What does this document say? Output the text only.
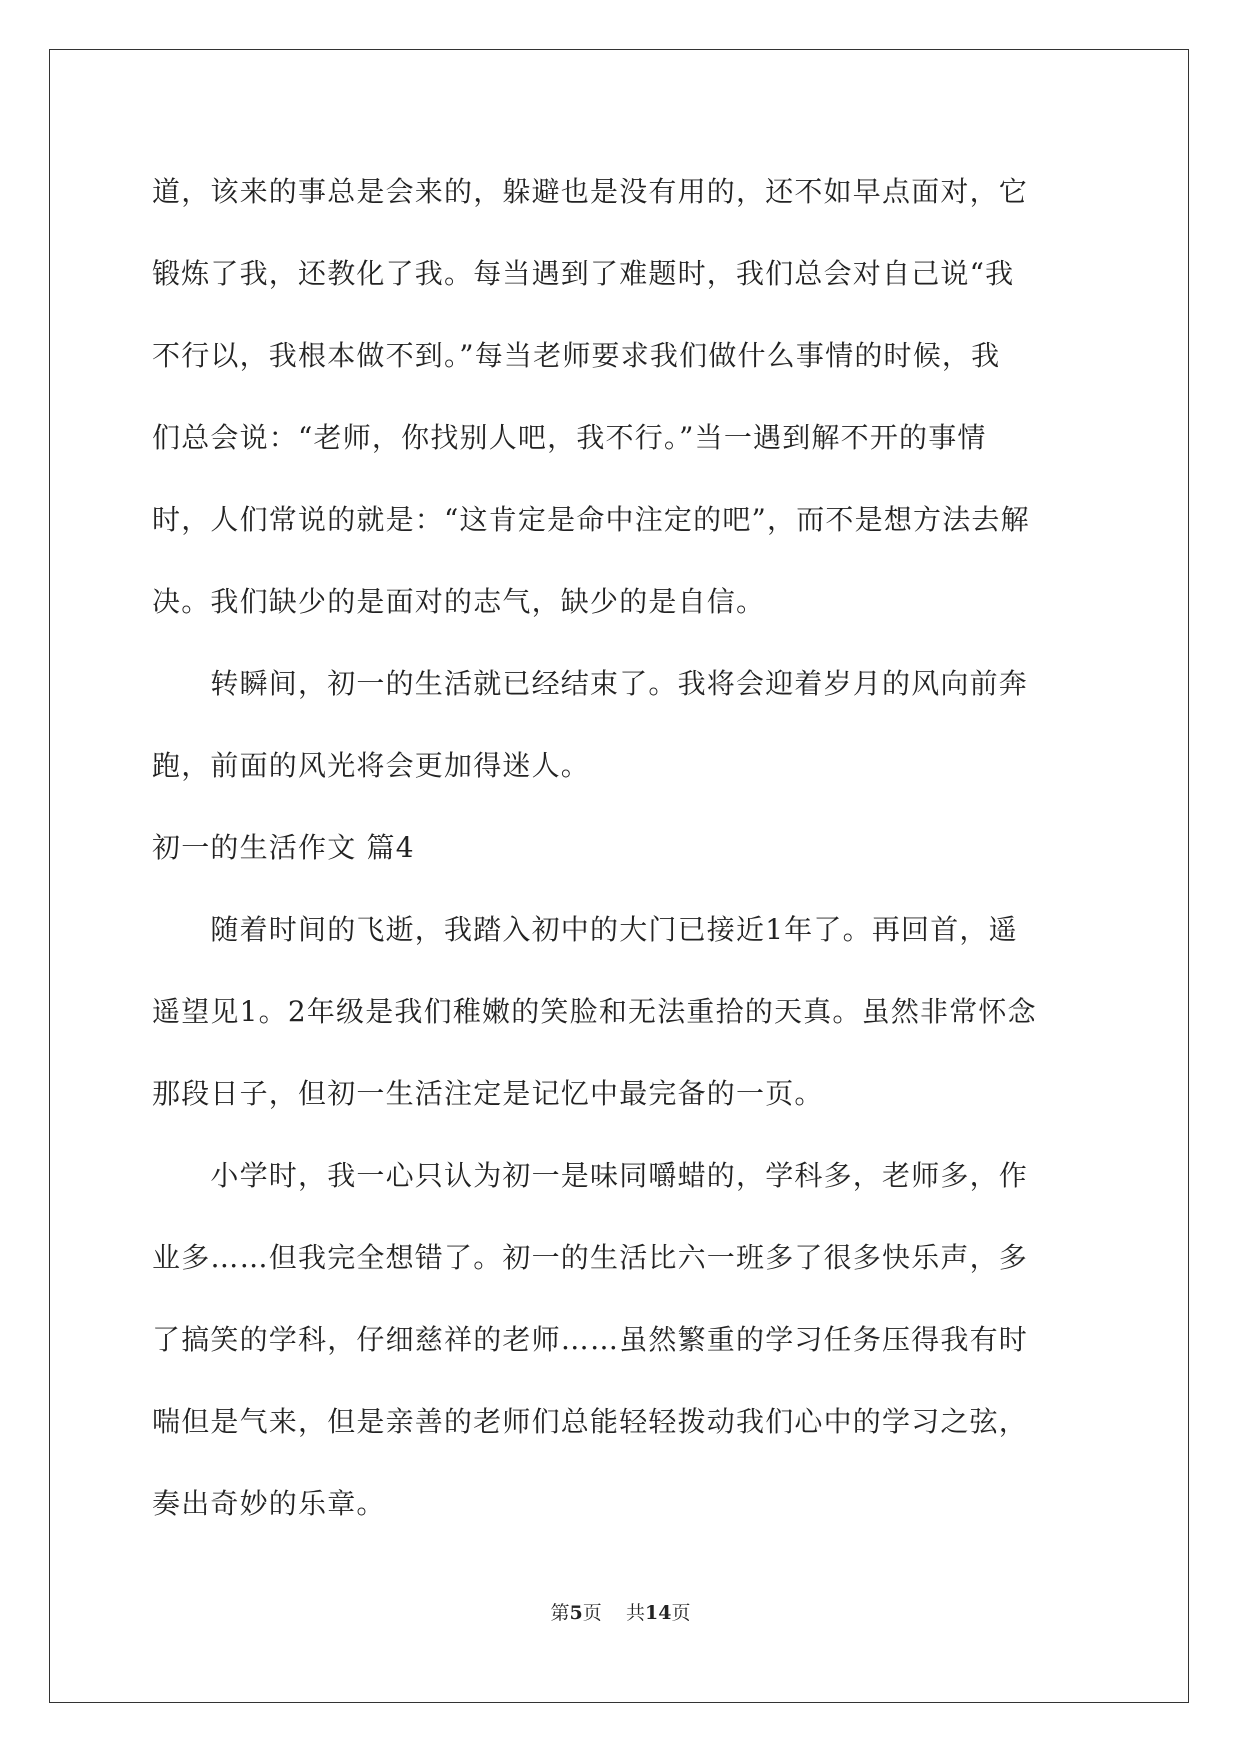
道，该来的事总是会来的，躲避也是没有用的，还不如早点面对，它
锻炼了我，还教化了我。每当遇到了难题时，我们总会对自己说“我
不行以，我根本做不到。”每当老师要求我们做什么事情的时候，我
们总会说：“老师，你找别人吧，我不行。”当一遇到解不开的事情
时，人们常说的就是：“这肯定是命中注定的吧”，而不是想方法去解
决。我们缺少的是面对的志气，缺少的是自信。
　　转瞬间，初一的生活就已经结束了。我将会迎着岁月的风向前奔
跑，前面的风光将会更加得迷人。
初一的生活作文 篇4
　　随着时间的飞逝，我踏入初中的大门已接近1年了。再回首，遥
遥望见1。2年级是我们稚嫩的笑脸和无法重拾的天真。虽然非常怀念
那段日子，但初一生活注定是记忆中最完备的一页。
　　小学时，我一心只认为初一是味同嚼蜡的，学科多，老师多，作
业多……但我完全想错了。初一的生活比六一班多了很多快乐声，多
了搞笑的学科，仔细慈祥的老师……虽然繁重的学习任务压得我有时
喘但是气来，但是亲善的老师们总能轻轻拨动我们心中的学习之弦，
奏出奇妙的乐章。
第5页 共14页
